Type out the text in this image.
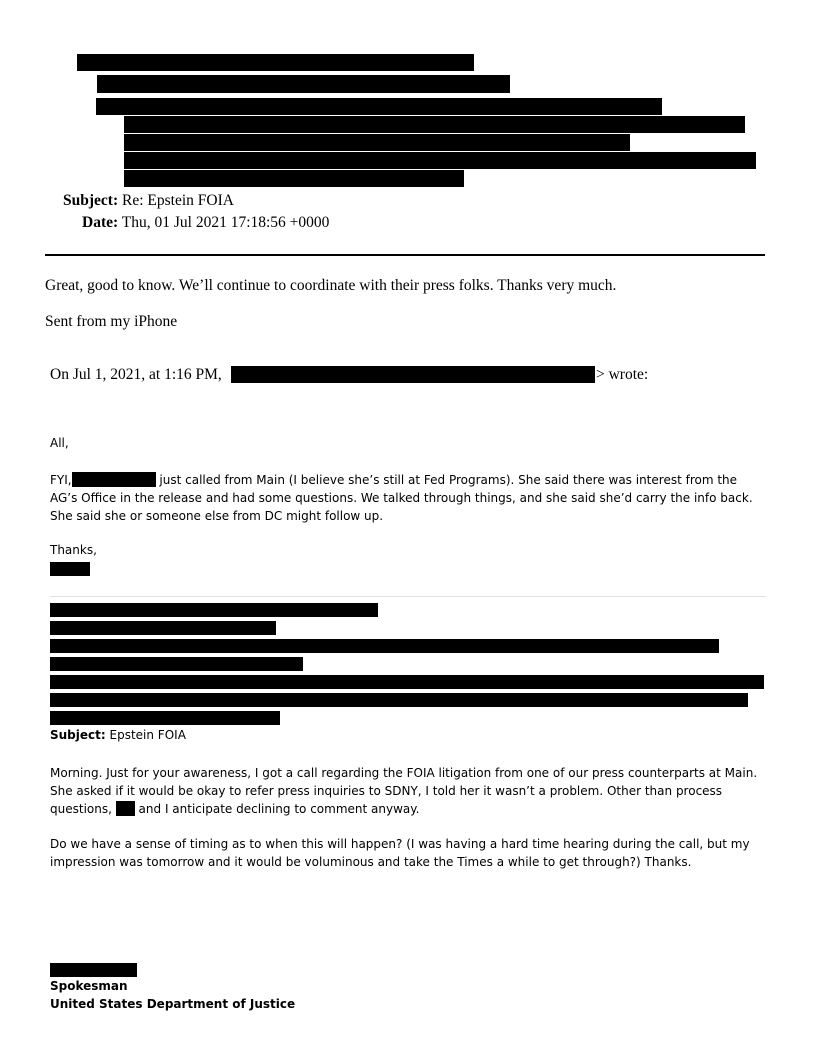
Subject: Re: Epstein FOIA
Date: Thu, 01 Jul 2021 17:18:56 +0000
Great, good to know. We’ll continue to coordinate with their press folks. Thanks very much.
Sent from my iPhone
On Jul 1, 2021, at 1:16 PM,	> wrote:
All,
FYI,	just called from Main (I believe she’s still at Fed Programs). She said there was interest from the AG’s Office in the release and had some questions. We talked through things, and she said she’d carry the info back. She said she or someone else from DC might follow up.
Thanks,
Subject: Epstein FOIA
Morning. Just for your awareness, I got a call regarding the FOIA litigation from one of our press counterparts at Main. She asked if it would be okay to refer press inquiries to SDNY, I told her it wasn’t a problem. Other than process questions,  and I anticipate declining to comment anyway.
Do we have a sense of timing as to when this will happen? (I was having a hard time hearing during the call, but my impression was tomorrow and it would be voluminous and take the Times a while to get through?) Thanks.
Spokesman
United States Department of Justice
